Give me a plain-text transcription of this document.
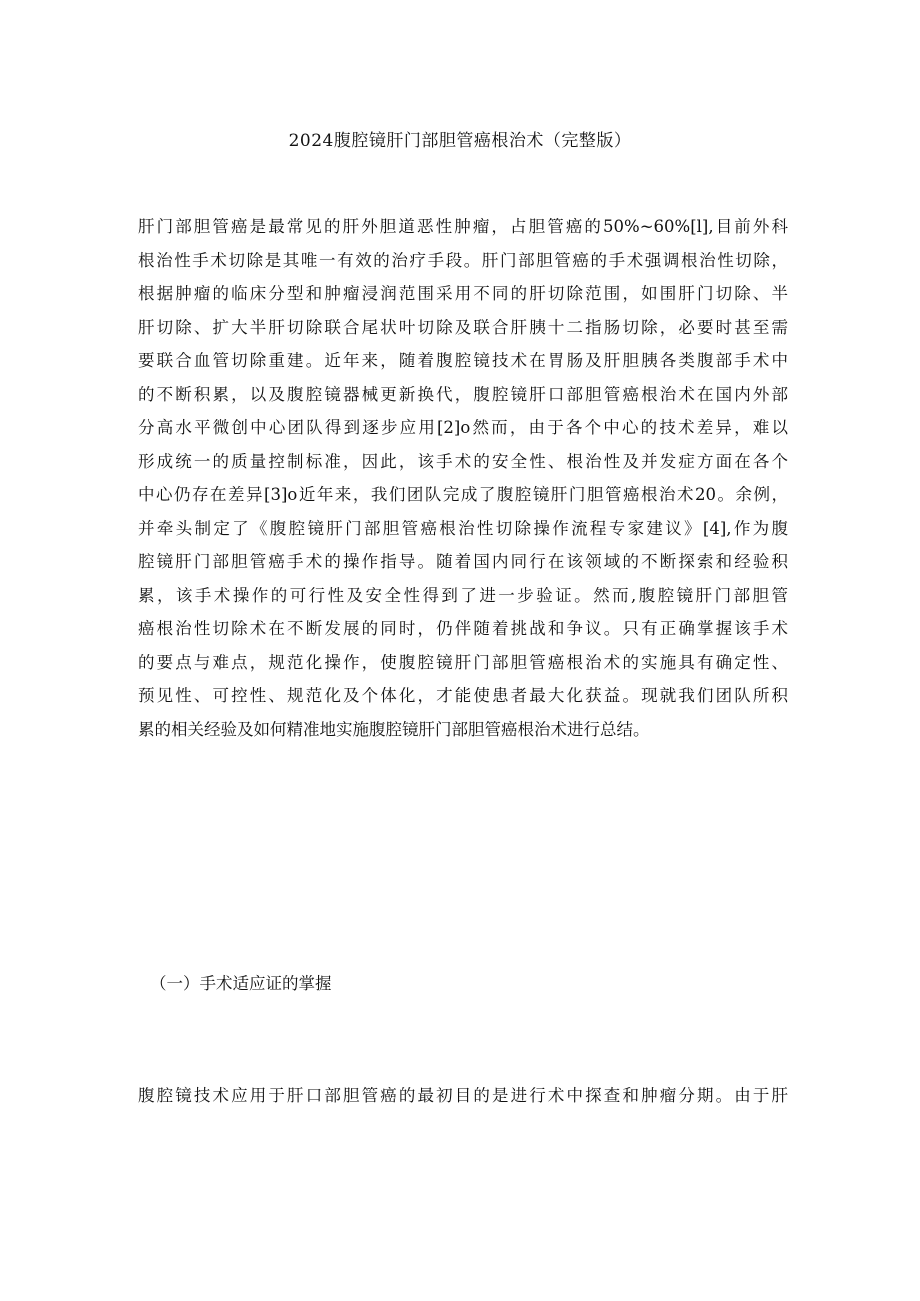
2024腹腔镜肝门部胆管癌根治术（完整版）
肝门部胆管癌是最常见的肝外胆道恶性肿瘤，占胆管癌的50%~60%[l],目前外科
根治性手术切除是其唯一有效的治疗手段。肝门部胆管癌的手术强调根治性切除，
根据肿瘤的临床分型和肿瘤浸润范围采用不同的肝切除范围，如围肝门切除、半
肝切除、扩大半肝切除联合尾状叶切除及联合肝胰十二指肠切除，必要时甚至需
要联合血管切除重建。近年来，随着腹腔镜技术在胃肠及肝胆胰各类腹部手术中
的不断积累，以及腹腔镜器械更新换代，腹腔镜肝口部胆管癌根治术在国内外部
分高水平微创中心团队得到逐步应用[2]o然而，由于各个中心的技术差异，难以
形成统一的质量控制标准，因此，该手术的安全性、根治性及并发症方面在各个
中心仍存在差异[3]o近年来，我们团队完成了腹腔镜肝门胆管癌根治术20。余例，
并牵头制定了《腹腔镜肝门部胆管癌根治性切除操作流程专家建议》[4],作为腹
腔镜肝门部胆管癌手术的操作指导。随着国内同行在该领域的不断探索和经验积
累，该手术操作的可行性及安全性得到了进一步验证。然而,腹腔镜肝门部胆管
癌根治性切除术在不断发展的同时，仍伴随着挑战和争议。只有正确掌握该手术
的要点与难点，规范化操作，使腹腔镜肝门部胆管癌根治术的实施具有确定性、
预见性、可控性、规范化及个体化，才能使患者最大化获益。现就我们团队所积
累的相关经验及如何精准地实施腹腔镜肝门部胆管癌根治术进行总结。
（一）手术适应证的掌握
腹腔镜技术应用于肝口部胆管癌的最初目的是进行术中探查和肿瘤分期。由于肝
